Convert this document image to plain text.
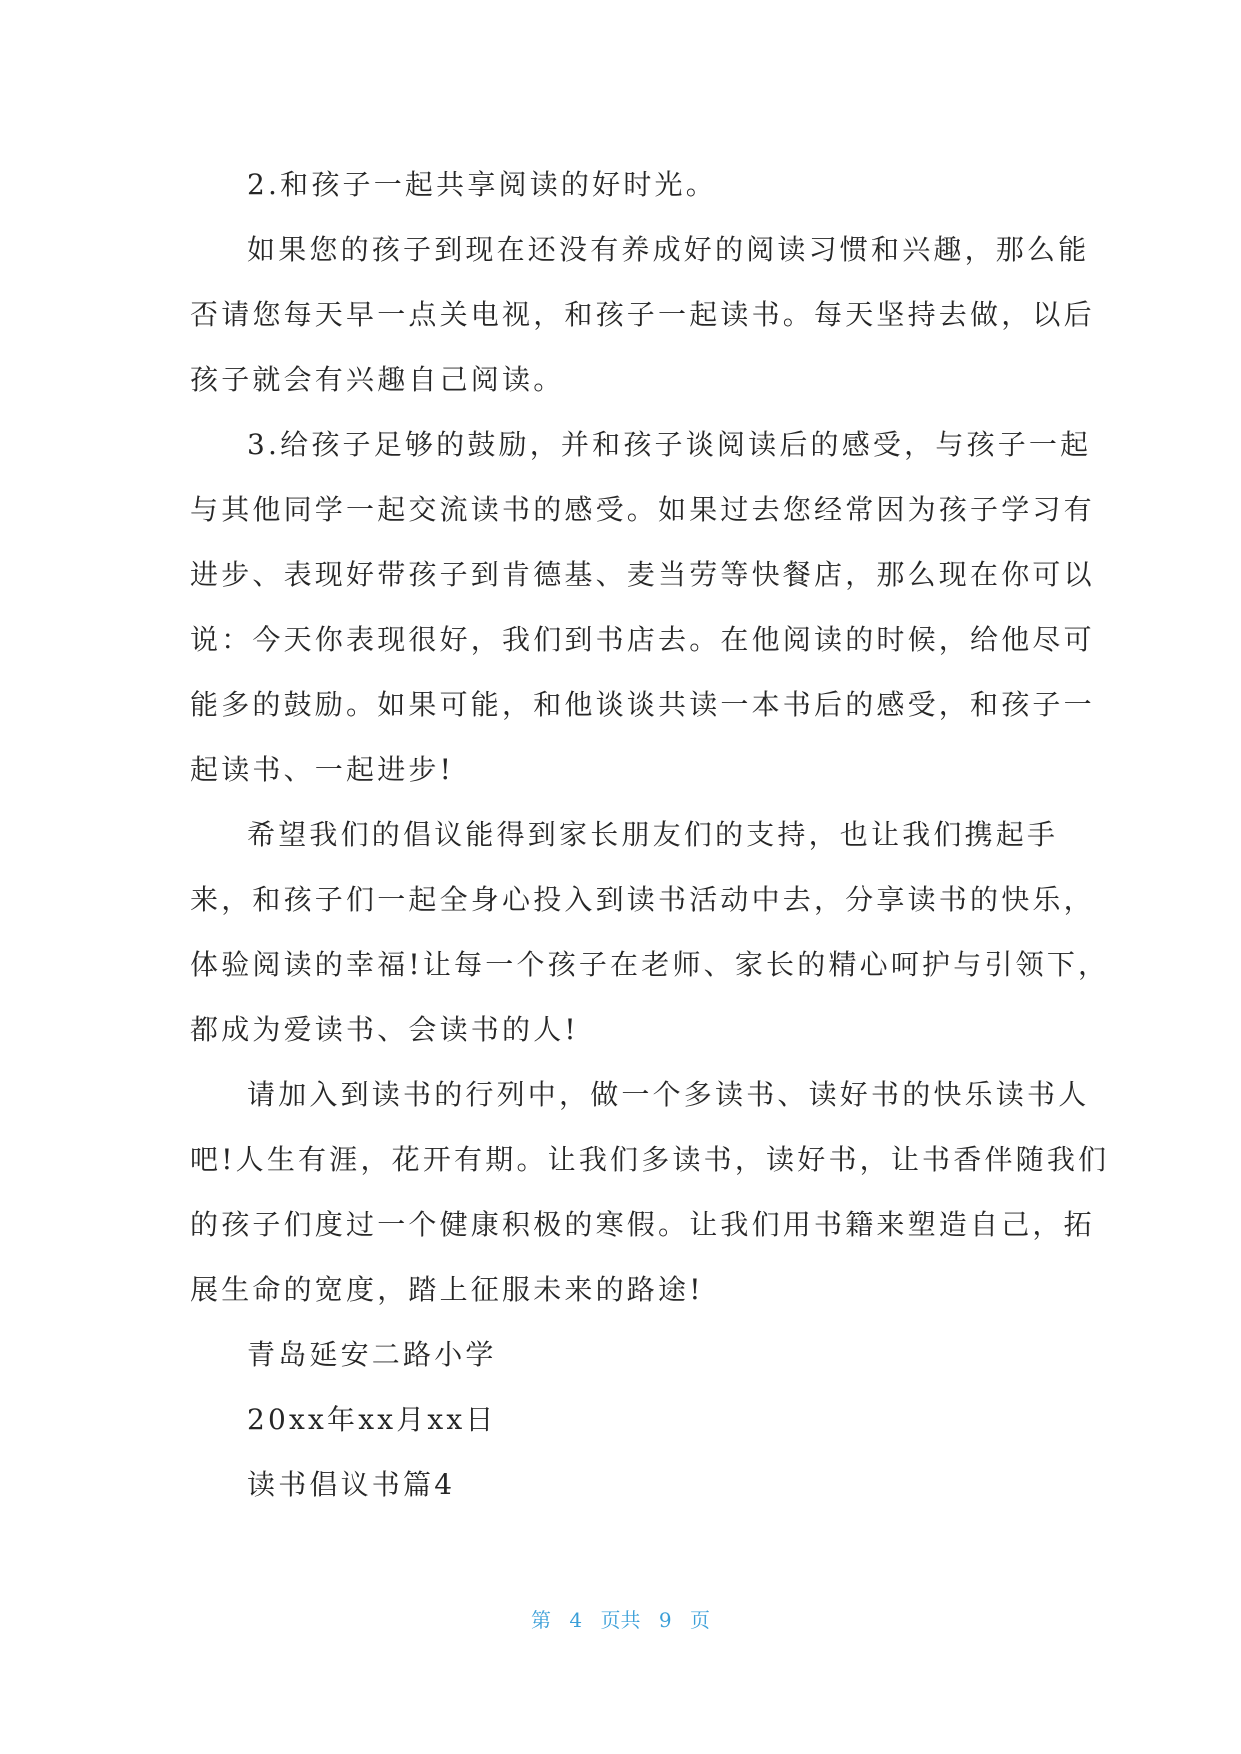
2.和孩子一起共享阅读的好时光。
如果您的孩子到现在还没有养成好的阅读习惯和兴趣，那么能
否请您每天早一点关电视，和孩子一起读书。每天坚持去做，以后
孩子就会有兴趣自己阅读。
3.给孩子足够的鼓励，并和孩子谈阅读后的感受，与孩子一起
与其他同学一起交流读书的感受。如果过去您经常因为孩子学习有
进步、表现好带孩子到肯德基、麦当劳等快餐店，那么现在你可以
说：今天你表现很好，我们到书店去。在他阅读的时候，给他尽可
能多的鼓励。如果可能，和他谈谈共读一本书后的感受，和孩子一
起读书、一起进步!
希望我们的倡议能得到家长朋友们的支持，也让我们携起手
来，和孩子们一起全身心投入到读书活动中去，分享读书的快乐，
体验阅读的幸福!让每一个孩子在老师、家长的精心呵护与引领下，
都成为爱读书、会读书的人!
请加入到读书的行列中，做一个多读书、读好书的快乐读书人
吧!人生有涯，花开有期。让我们多读书，读好书，让书香伴随我们
的孩子们度过一个健康积极的寒假。让我们用书籍来塑造自己，拓
展生命的宽度，踏上征服未来的路途!
青岛延安二路小学
20xx年xx月xx日
读书倡议书篇4
第 4 页共 9 页
